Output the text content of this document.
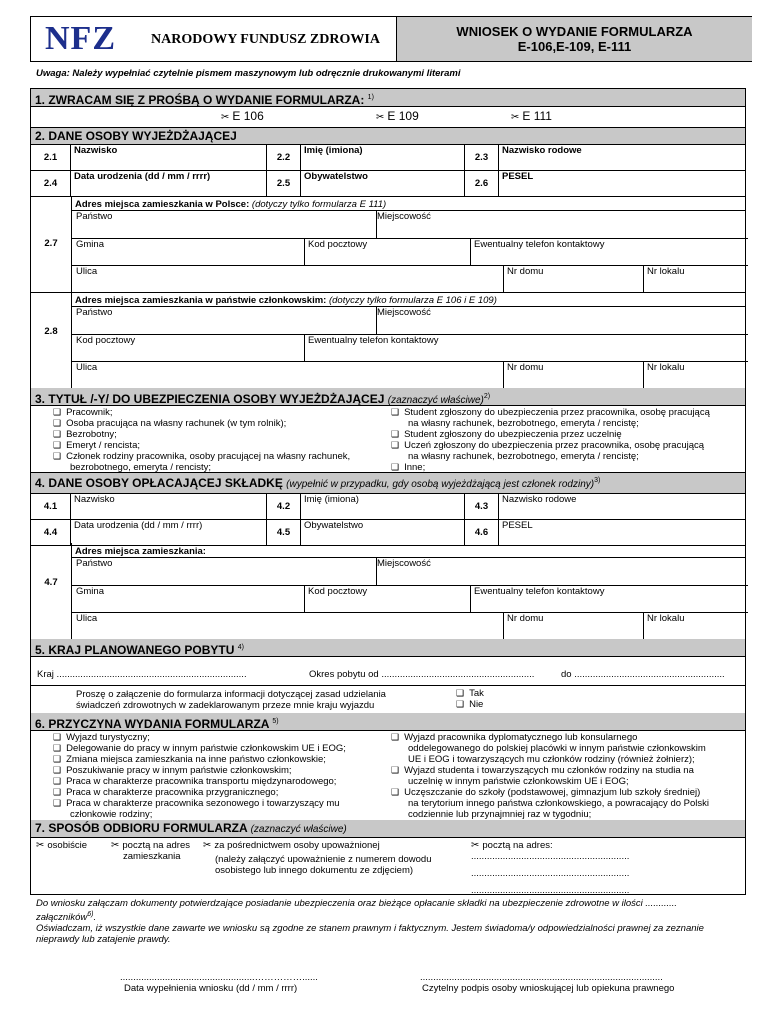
NFZ	NARODOWY FUNDUSZ ZDROWIA
WNIOSEK O WYDANIE FORMULARZA
E-106,E-109, E-111
Uwaga: Należy wypełniać czytelnie pismem maszynowym lub odręcznie drukowanymi literami
1. ZWRACAM SIĘ Z PROŚBĄ O WYDANIE FORMULARZA: $^{1)}$
✂ E 106	✂ E 109	✂ E 111
2. DANE OSOBY WYJEŻDŻAJĄCEJ					
2.1	Nazwisko	2.2	Imię (imiona)	2.3	Nazwisko rodowe
2.4	Data urodzenia (dd / mm / rrrr)	2.5	Obywatelstwo	2.6	PESEL
2.7
Adres miejsca zamieszkania w Polsce: (dotyczy tylko formularza E 111)
Państwo	Miejscowość
Gmina	Kod pocztowy	Ewentualny telefon kontaktowy
Ulica	Nr domu	Nr lokalu
2.8
Adres miejsca zamieszkania w państwie członkowskim: (dotyczy tylko formularza E 106 i E 109)
Państwo	Miejscowość
Kod pocztowy	Ewentualny telefon kontaktowy
Ulica	Nr domu	Nr lokalu
3. TYTUŁ /-Y/ DO UBEZPIECZENIA OSOBY WYJEŻDŻAJĄCEJ (zaznaczyć właściwe)$^{2)}$
❑ Pracownik;
❑ Osoba pracująca na własny rachunek (w tym rolnik);
❑ Bezrobotny;
❑ Emeryt / rencista;
❑ Członek rodziny pracownika, osoby pracującej na własny rachunek,
bezrobotnego, emeryta / rencisty;
❑ Student zgłoszony do ubezpieczenia przez pracownika, osobę pracującą
na własny rachunek, bezrobotnego, emeryta / rencistę;
❑ Student zgłoszony do ubezpieczenia przez uczelnię
❑ Uczeń zgłoszony do ubezpieczenia przez pracownika, osobę pracującą
na własny rachunek, bezrobotnego, emeryta / rencistę;
❑ Inne;
4. DANE OSOBY OPŁACAJĄCEJ SKŁADKĘ (wypełnić w przypadku, gdy osobą wyjeżdżającą jest członek rodziny)$^{3)}$
4.1	Nazwisko	4.2	Imię (imiona)	4.3	Nazwisko rodowe
4.4	Data urodzenia (dd / mm / rrrr)	4.5	Obywatelstwo	4.6	PESEL
4.7
Adres miejsca zamieszkania:
Państwo	Miejscowość
Gmina	Kod pocztowy	Ewentualny telefon kontaktowy
Ulica	Nr domu	Nr lokalu
5. KRAJ PLANOWANEGO POBYTU $^{4)}$
Kraj ........................................................................	Okres pobytu od ..........................................................	do .........................................................
Proszę o załączenie do formularza informacji dotyczącej zasad udzielania
świadczeń zdrowotnych w zadeklarowanym przeze mnie kraju wyjazdu
❑ Tak
❑ Nie
6. PRZYCZYNA WYDANIA FORMULARZA $^{5)}$
❑ Wyjazd turystyczny;
❑ Delegowanie do pracy w innym państwie członkowskim UE i EOG;
❑ Zmiana miejsca zamieszkania na inne państwo członkowskie;
❑ Poszukiwanie pracy w innym państwie członkowskim;
❑ Praca w charakterze pracownika transportu międzynarodowego;
❑ Praca w charakterze pracownika przygranicznego;
❑ Praca w charakterze pracownika sezonowego i towarzyszący mu
członkowie rodziny;
❑ Wyjazd pracownika dyplomatycznego lub konsularnego
oddelegowanego do polskiej placówki w innym państwie członkowskim
UE i EOG i towarzyszących mu członków rodziny (również żołnierz);
❑ Wyjazd studenta i towarzyszących mu członków rodziny na studia na
uczelnię w innym państwie członkowskim UE i EOG;
❑ Uczęszczanie do szkoły (podstawowej, gimnazjum lub szkoły średniej)
na terytorium innego państwa członkowskiego, a powracający do Polski
codziennie lub przynajmniej raz w tygodniu;
7. SPOSÓB ODBIORU FORMULARZA (zaznaczyć właściwe)
✂ osobiście ✂ pocztą na adres
zamieszkania
✂ za pośrednictwem osoby upoważnionej
(należy załączyć upoważnienie z numerem dowodu
osobistego lub innego dokumentu ze zdjęciem)
✂ pocztą na adres:
............................................................
............................................................
............................................................
Do wniosku załączam dokumenty potwierdzające posiadanie ubezpieczenia oraz bieżące opłacanie składki na ubezpieczenie zdrowotne w ilości ............
załączników$^{6)}$.
Oświadczam, iż wszystkie dane zawarte we wniosku są zgodne ze stanem prawnym i faktycznym. Jestem świadoma/y odpowiedzialności prawnej za zeznanie nieprawdy lub zatajenie prawdy.
...................................................……………......	............................................................................................
Data wypełnienia wniosku (dd / mm / rrrr)	Czytelny podpis osoby wnioskującej lub opiekuna prawnego
